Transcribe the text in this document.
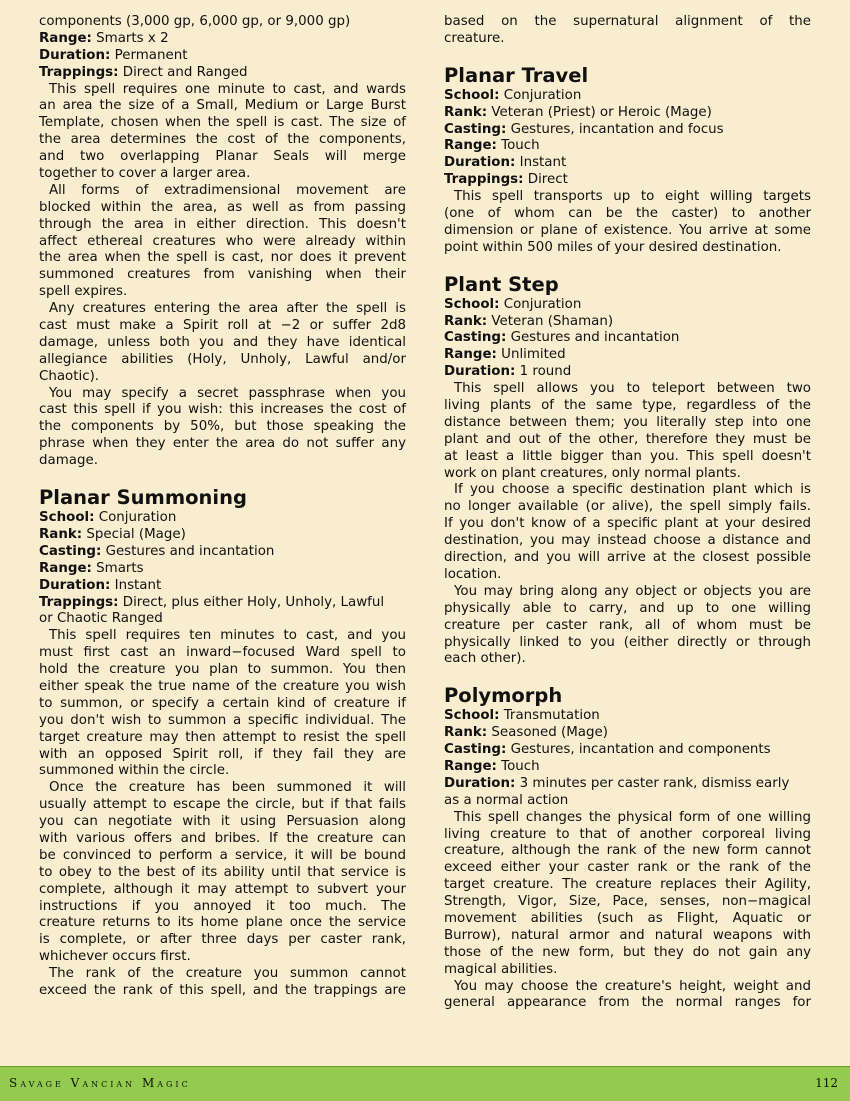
components (3,000 gp, 6,000 gp, or 9,000 gp)
Range: Smarts x 2
Duration: Permanent
Trappings: Direct and Ranged
This spell requires one minute to cast, and wards
an area the size of a Small, Medium or Large Burst
Template, chosen when the spell is cast. The size of
the area determines the cost of the components,
and two overlapping Planar Seals will merge
together to cover a larger area.
All forms of extradimensional movement are
blocked within the area, as well as from passing
through the area in either direction. This doesn't
affect ethereal creatures who were already within
the area when the spell is cast, nor does it prevent
summoned creatures from vanishing when their
spell expires.
Any creatures entering the area after the spell is
cast must make a Spirit roll at −2 or suffer 2d8
damage, unless both you and they have identical
allegiance abilities (Holy, Unholy, Lawful and/or
Chaotic).
You may specify a secret passphrase when you
cast this spell if you wish: this increases the cost of
the components by 50%, but those speaking the
phrase when they enter the area do not suffer any
damage.
Planar Summoning
School: Conjuration
Rank: Special (Mage)
Casting: Gestures and incantation
Range: Smarts
Duration: Instant
Trappings: Direct, plus either Holy, Unholy, Lawful
or Chaotic Ranged
This spell requires ten minutes to cast, and you
must first cast an inward−focused Ward spell to
hold the creature you plan to summon. You then
either speak the true name of the creature you wish
to summon, or specify a certain kind of creature if
you don't wish to summon a specific individual. The
target creature may then attempt to resist the spell
with an opposed Spirit roll, if they fail they are
summoned within the circle.
Once the creature has been summoned it will
usually attempt to escape the circle, but if that fails
you can negotiate with it using Persuasion along
with various offers and bribes. If the creature can
be convinced to perform a service, it will be bound
to obey to the best of its ability until that service is
complete, although it may attempt to subvert your
instructions if you annoyed it too much. The
creature returns to its home plane once the service
is complete, or after three days per caster rank,
whichever occurs first.
The rank of the creature you summon cannot
exceed the rank of this spell, and the trappings are
based on the supernatural alignment of the
creature.
Planar Travel
School: Conjuration
Rank: Veteran (Priest) or Heroic (Mage)
Casting: Gestures, incantation and focus
Range: Touch
Duration: Instant
Trappings: Direct
This spell transports up to eight willing targets
(one of whom can be the caster) to another
dimension or plane of existence. You arrive at some
point within 500 miles of your desired destination.
Plant Step
School: Conjuration
Rank: Veteran (Shaman)
Casting: Gestures and incantation
Range: Unlimited
Duration: 1 round
This spell allows you to teleport between two
living plants of the same type, regardless of the
distance between them; you literally step into one
plant and out of the other, therefore they must be
at least a little bigger than you. This spell doesn't
work on plant creatures, only normal plants.
If you choose a specific destination plant which is
no longer available (or alive), the spell simply fails.
If you don't know of a specific plant at your desired
destination, you may instead choose a distance and
direction, and you will arrive at the closest possible
location.
You may bring along any object or objects you are
physically able to carry, and up to one willing
creature per caster rank, all of whom must be
physically linked to you (either directly or through
each other).
Polymorph
School: Transmutation
Rank: Seasoned (Mage)
Casting: Gestures, incantation and components
Range: Touch
Duration: 3 minutes per caster rank, dismiss early
as a normal action
This spell changes the physical form of one willing
living creature to that of another corporeal living
creature, although the rank of the new form cannot
exceed either your caster rank or the rank of the
target creature. The creature replaces their Agility,
Strength, Vigor, Size, Pace, senses, non−magical
movement abilities (such as Flight, Aquatic or
Burrow), natural armor and natural weapons with
those of the new form, but they do not gain any
magical abilities.
You may choose the creature's height, weight and
general appearance from the normal ranges for
Savage Vancian Magic	112
